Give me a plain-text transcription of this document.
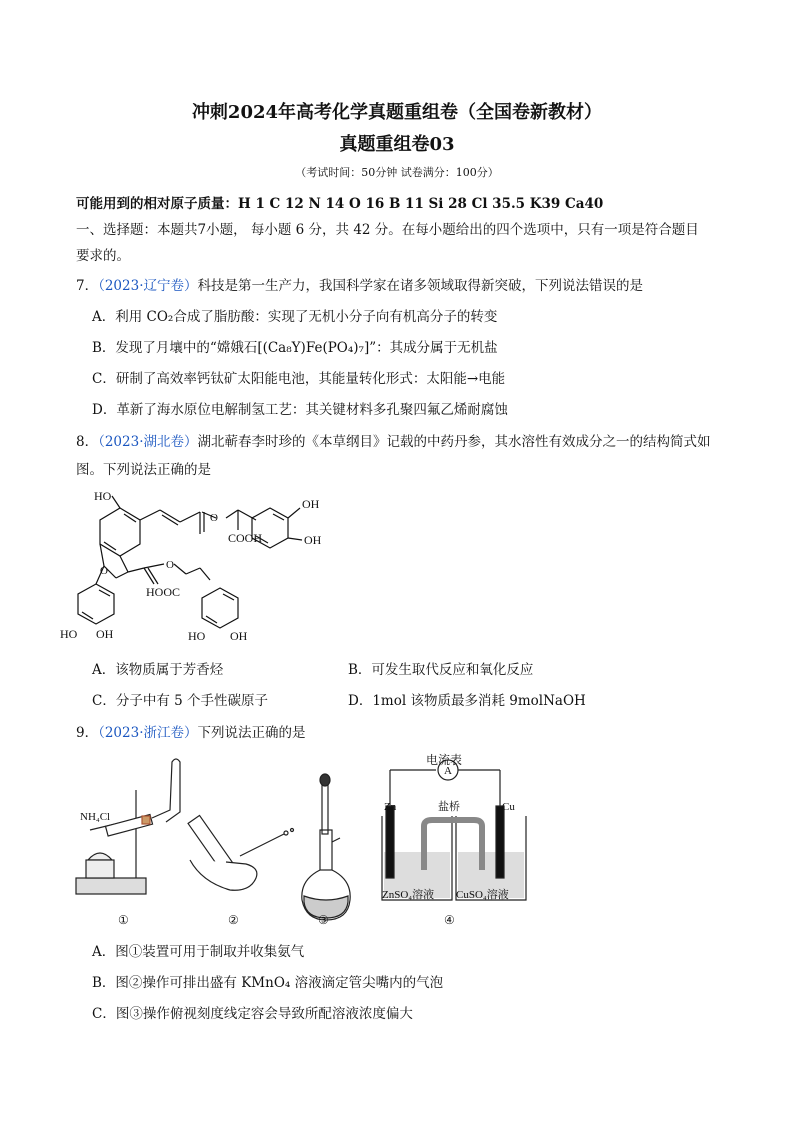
冲刺2024年高考化学真题重组卷（全国卷新教材）
真题重组卷03
（考试时间：50分钟 试卷满分：100分）
可能用到的相对原子质量：H 1 C 12 N 14 O 16 B 11 Si 28 Cl 35.5 K39 Ca40
一、选择题：本题共7小题， 每小题 6 分，共 42 分。在每小题给出的四个选项中，只有一项是符合题目
要求的。
7．（2023·辽宁卷）科技是第一生产力，我国科学家在诸多领域取得新突破，下列说法错误的是
A．利用 CO₂合成了脂肪酸：实现了无机小分子向有机高分子的转变
B．发现了月壤中的“嫦娥石[(Ca₈Y)Fe(PO₄)₇]”：其成分属于无机盐
C．研制了高效率钙钛矿太阳能电池，其能量转化形式：太阳能→电能
D．革新了海水原位电解制氢工艺：其关键材料多孔聚四氟乙烯耐腐蚀
8．（2023·湖北卷）湖北蕲春李时珍的《本草纲目》记载的中药丹参，其水溶性有效成分之一的结构简式如
图。下列说法正确的是
HO
O
O
O
OH
OH
COOH
HOOC
HO OH	HO OH
A．该物质属于芳香烃	B．可发生取代反应和氧化反应
C．分子中有 5 个手性碳原子	D．1mol 该物质最多消耗 9molNaOH
9．（2023·浙江卷）下列说法正确的是
NH₄Cl
电流表
A
Zn	Cu
盐桥
ZnSO₄溶液 CuSO₄溶液
①	②	③	④
A．图①装置可用于制取并收集氨气
B．图②操作可排出盛有 KMnO₄ 溶液滴定管尖嘴内的气泡
C．图③操作俯视刻度线定容会导致所配溶液浓度偏大
